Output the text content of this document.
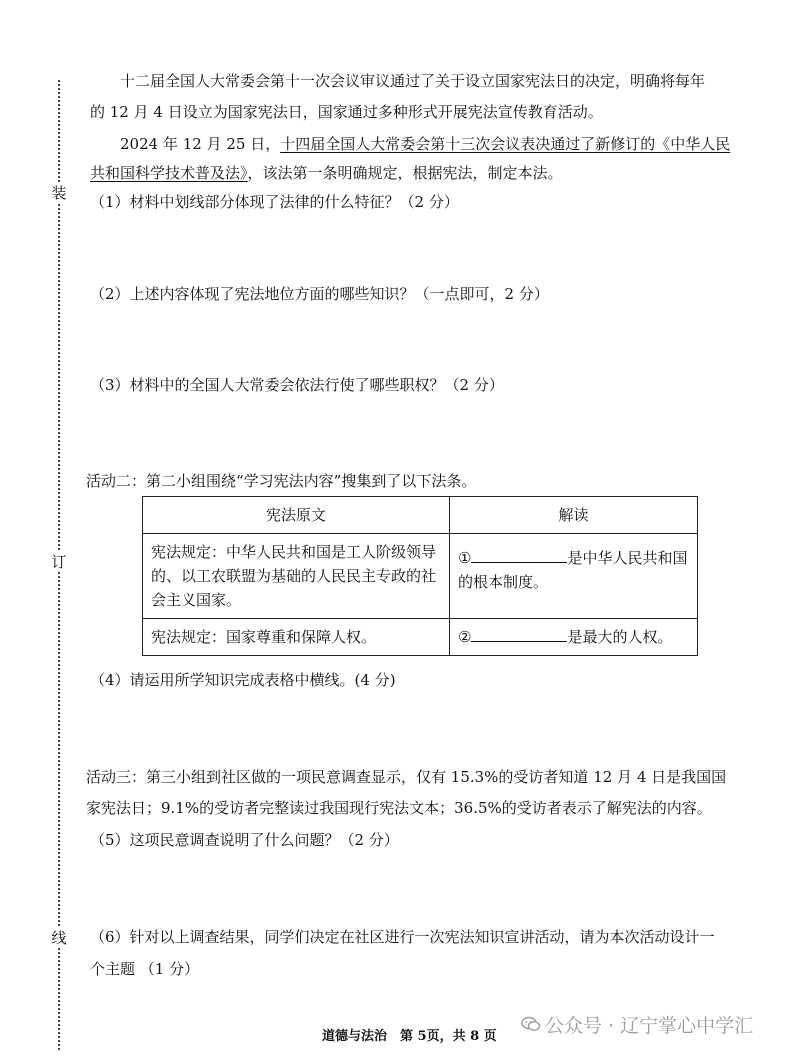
装
订
线
十二届全国人大常委会第十一次会议审议通过了关于设立国家宪法日的决定，明确将每年
的 12 月 4 日设立为国家宪法日，国家通过多种形式开展宪法宣传教育活动。
2024 年 12 月 25 日，十四届全国人大常委会第十三次会议表决通过了新修订的《中华人民
共和国科学技术普及法》，该法第一条明确规定，根据宪法，制定本法。
（1）材料中划线部分体现了法律的什么特征？（2 分）
（2）上述内容体现了宪法地位方面的哪些知识？（一点即可，2 分）
（3）材料中的全国人大常委会依法行使了哪些职权？（2 分）
活动二：第二小组围绕“学习宪法内容”搜集到了以下法条。
宪法原文	解读
宪法规定：中华人民共和国是工人阶级领导的、以工农联盟为基础的人民民主专政的社会主义国家。	① 是中华人民共和国的根本制度。
宪法规定：国家尊重和保障人权。	② 是最大的人权。
（4）请运用所学知识完成表格中横线。(4 分)
活动三：第三小组到社区做的一项民意调查显示，仅有 15.3%的受访者知道 12 月 4 日是我国国
家宪法日；9.1%的受访者完整读过我国现行宪法文本；36.5%的受访者表示了解宪法的内容。
（5）这项民意调查说明了什么问题？（2 分）
（6）针对以上调查结果，同学们决定在社区进行一次宪法知识宣讲活动，请为本次活动设计一
个主题 （1 分）
道德与法治　第 5页，共 8 页	公众号 · 辽宁掌心中学汇
